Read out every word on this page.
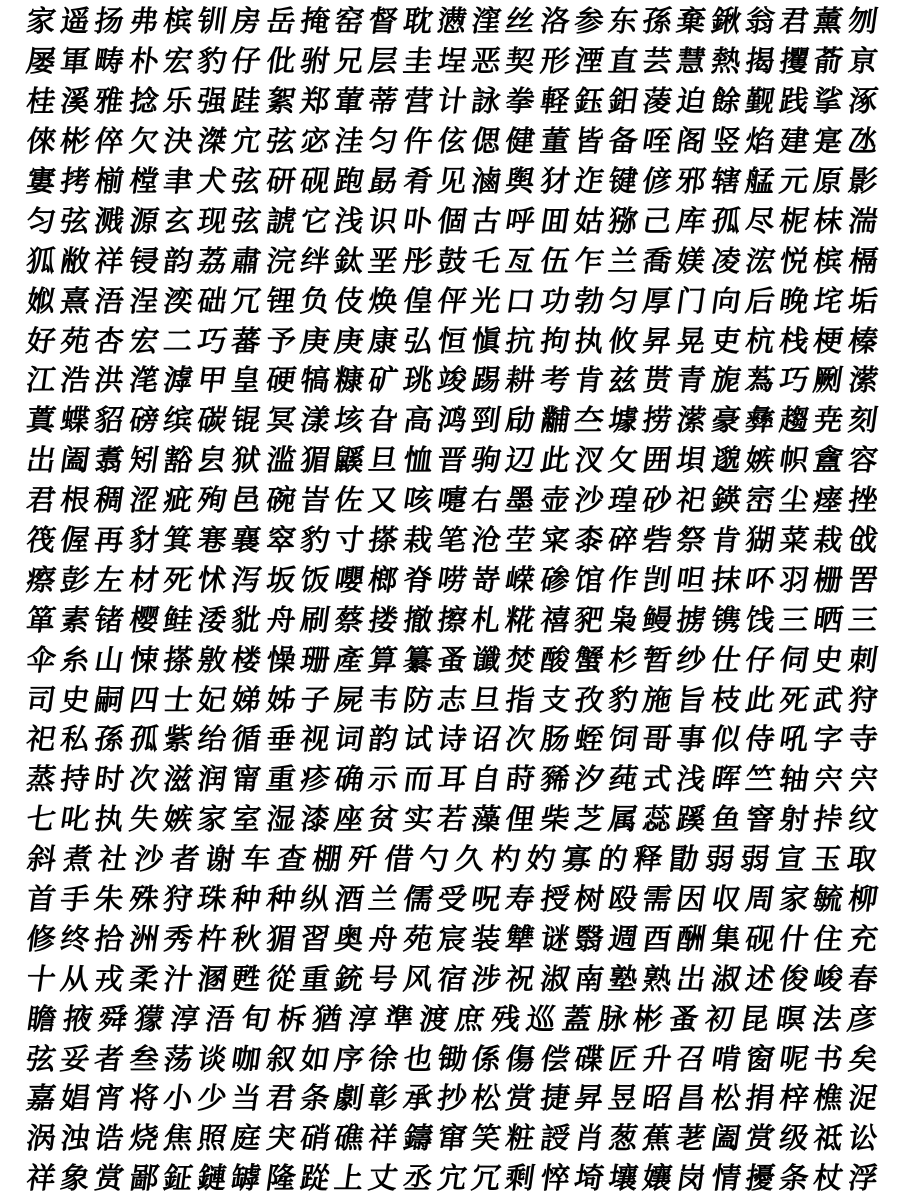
家 遥 扬 弗 槟 钏 房 岳 掩 窑 督 耽 懑 漥 丝 洛 参 东 孫 棄 鍬 翁 君 薰 刎
屡 軍 畴 朴 宏 豹 仔 仳 驸 兄 层 圭 埕 恶 契 形 湮 直 芸 慧 熱 揭 攫 萮 亰
桂 溪 雅 捻 乐 强 跬 絮 郑 葷 蒂 营 计 詠 拳 軽 鈺 鈤 蓤 迫 餘 觐 践 挲 涿
倈 彬 倅 欠 決 滐 宂 弦 宓 洼 匀 仵 伭 偲 健 董 皆 备 咥 阁 竖 焰 建 寔 氹
寠 拷 椾 樘 聿 犬 弦 研 砚 跑 勗 肴 见 滷 舆 犲 迮 键 偐 邪 辖 艋 元 原 影
匀 弦 溅 源 玄 现 弦 諕 它 浅 识 卟 個 古 呼 囬 姑 猕 己 库 孤 尽 柅 枺 湍
狐 敝 祥 锓 韵 荔 肅 浣 绊 鈦 垩 彤 鼓 乇 亙 伍 乍 兰 喬 媄 凌 浤 悦 槟 槅
娰 熹 浯 浧 湙 础 冗 锂 负 伎 焕 偟 伻 光 口 功 勃 匀 厚 门 向 后 晚 垞 垢
好 苑 杏 宏 二 巧 蕃 予 庚 庚 康 弘 恒 愼 抗 拘 执 攸 昇 晃 吏 杭 栈 梗 榛
江 浩 洪 滗 滹 甲 皇 硬 犒 糠 矿 珧 竣 踢 耕 考 肯 兹 贳 青 旎 蒍 巧 劂 潆
蒖 蝶 貂 磅 缤 碳 锟 冥 漾 垓 旮 高 鸿 剄 劶 黼 夳 壉 捞 潆 豪 彝 趨 尭 刻
岀 阖 翥 矧 豁 㿝 狱 滥 猸 鼷 旦 恤 晋 驹 辺 此 汊 攵 囲 垻 邈 嫉 帜 盦 容
君 根 稠 涩 疵 殉 邑 碗 峕 佐 又 咳 嚏 右 墨 壶 沙 瑝 砂 祀 鍈 崈 尘 瘗 挫
筏 偓 再 豺 箕 寋 襄 窣 豹 寸 搽 栽 笔 沧 茔 寀 桼 碎 砦 祭 肯 猢 菜 栽 戗
瘵 彭 左 材 死 怵 泻 坂 饭 嚶 榔 脊 唠 嵜 嵘 碜 馆 作 剀 呾 抹 吥 羽 栅 罟
箪 素 锗 樱 鲑 涹 豼 舟 刷 蔡 搂 撤 擦 札 糀 禧 豝 枭 鳗 掳 镌 饯 三 晒 三
伞 糸 山 悚 搽 敫 楼 懆 珊 產 算 纂 蚤 谶 焚 酸 蟹 杉 暂 纱 仕 仔 伺 史 刺
司 史 嗣 四 士 妃 娣 姊 子 屍 韦 防 志 旦 指 支 孜 豹 施 旨 枝 此 死 武 狩
祀 私 孫 孤 紫 绐 循 垂 视 词 韵 试 诗 诏 次 肠 蛭 饲 哥 事 似 侍 吼 字 寺
蒸 持 时 次 滋 润 甯 重 疹 确 示 而 耳 自 莳 豨 汐 莼 式 浅 晖 竺 轴 宍 宍
七 叱 执 失 嫉 家 室 湿 漆 座 贫 实 若 藻 俚 柴 芝 属 蕊 蹊 鱼 窨 射 挊 纹
斜 煮 社 沙 者 谢 车 查 棚 歼 借 勺 久 杓 妁 寡 的 释 勖 弱 弱 宣 玉 取
首 手 朱 殊 狩 珠 种 种 纵 酒 兰 儒 受 呪 寿 授 树 殴 需 因 収 周 家 毓 柳
修 终 拾 洲 秀 杵 秋 猸 習 奥 舟 苑 宸 装 犨 谜 翳 週 酉 酬 集 砚 什 住 充
十 从 戎 柔 汁 溷 甦 從 重 銃 号 风 宿 涉 祝 淑 南 塾 熟 岀 淑 述 俊 峻 春
瞻 掖 舜 獴 淳 浯 旬 柝 猶 淳 準 渡 庶 残 巡 蓋 脉 彬 蚤 初 昆 暝 法 彦
弦 妥 者 叁 荡 谈 咖 叙 如 序 徐 也 锄 係 傷 偿 碟 匠 升 召 啃 窗 呢 书 矣
嘉 娼 宵 将 小 少 当 君 条 劇 彰 承 抄 松 赏 捷 昇 昱 昭 昌 松 捐 梓 樵 浞
涡 浊 诰 烧 焦 照 庭 宊 硝 礁 祥 鑄 窜 笑 粧 䛵 肖 葱 蕉 荖 阖 赏 级 祗 讼
祥 象 赏 鄙 鉦 鏈 罅 隆 踨 上 丈 丞 宂 冗 剩 悴 埼 壤 孃 岗 情 擾 条 杖 浮
